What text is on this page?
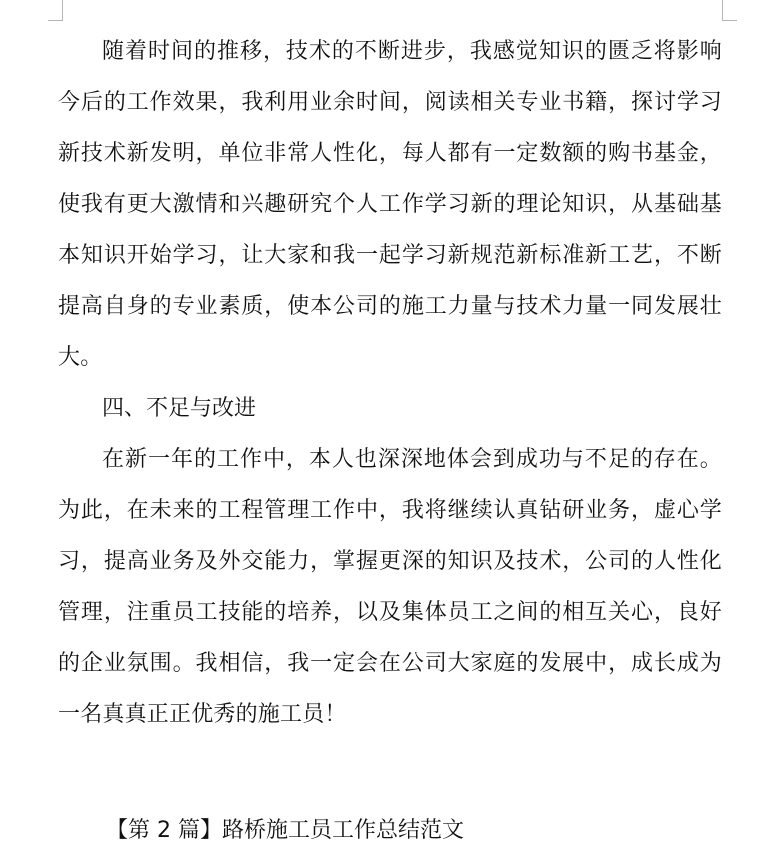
随着时间的推移，技术的不断进步，我感觉知识的匮乏将影响今后的工作效果，我利用业余时间，阅读相关专业书籍，探讨学习新技术新发明，单位非常人性化，每人都有一定数额的购书基金，使我有更大激情和兴趣研究个人工作学习新的理论知识，从基础基本知识开始学习，让大家和我一起学习新规范新标准新工艺，不断提高自身的专业素质，使本公司的施工力量与技术力量一同发展壮大。

四、不足与改进

在新一年的工作中，本人也深深地体会到成功与不足的存在。为此，在未来的工程管理工作中，我将继续认真钻研业务，虚心学习，提高业务及外交能力，掌握更深的知识及技术，公司的人性化管理，注重员工技能的培养，以及集体员工之间的相互关心，良好的企业氛围。我相信，我一定会在公司大家庭的发展中，成长成为一名真真正正优秀的施工员！

【第 2 篇】路桥施工员工作总结范文
